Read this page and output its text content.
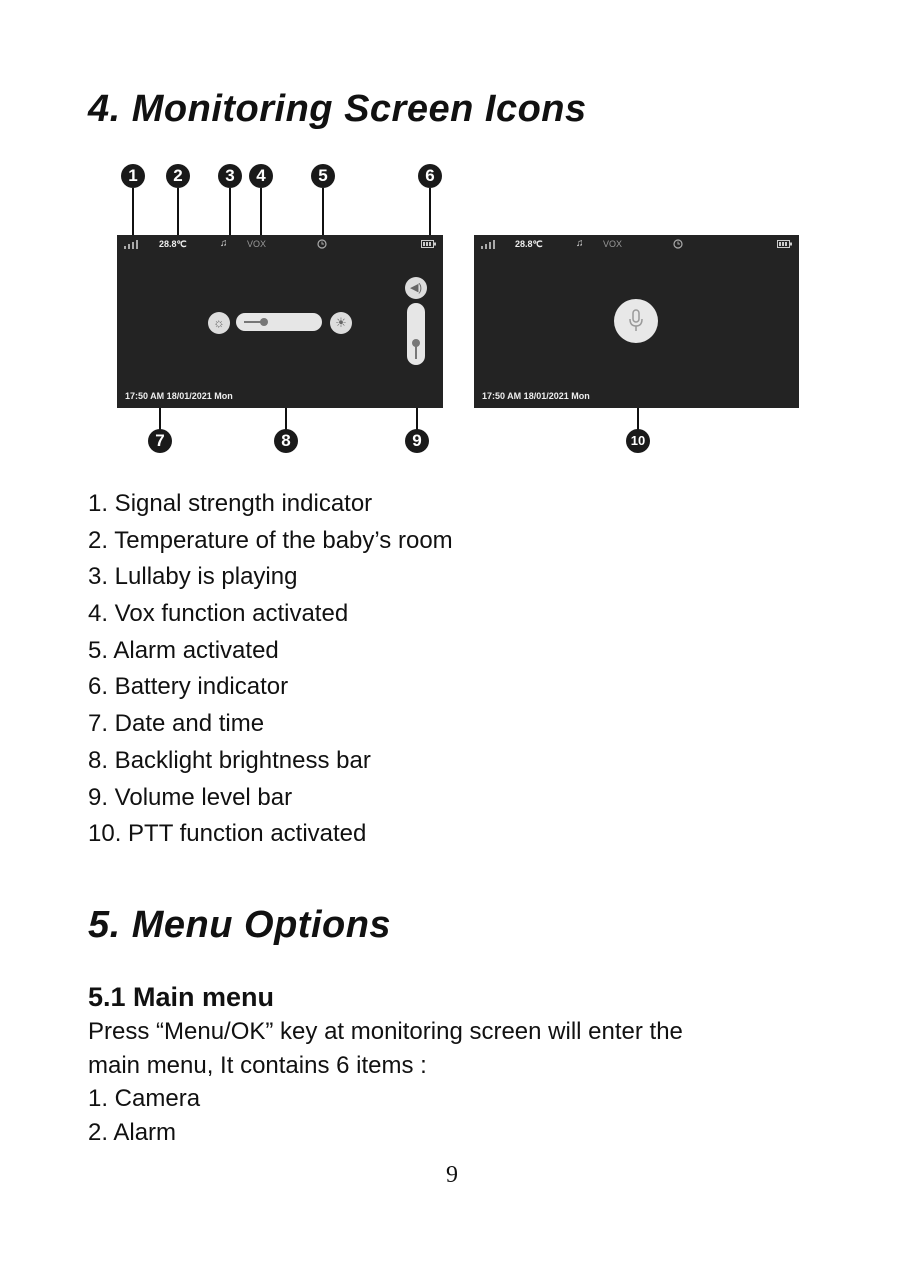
4. Monitoring Screen Icons
28.8℃	♫ VOX
☼	☀
◀)
17:50 AM 18/01/2021 Mon
28.8℃	♫ VOX
17:50 AM 18/01/2021 Mon
1	2	3	4	5	6
7	8	9	10
1. Signal strength indicator
2. Temperature of the baby’s room
3. Lullaby is playing
4. Vox function activated
5. Alarm activated
6. Battery indicator
7. Date and time
8. Backlight brightness bar
9. Volume level bar
10. PTT function activated
5. Menu Options
5.1 Main menu

Press “Menu/OK” key at monitoring screen will enter the

main menu, It contains 6 items :

1. Camera
2. Alarm
9
